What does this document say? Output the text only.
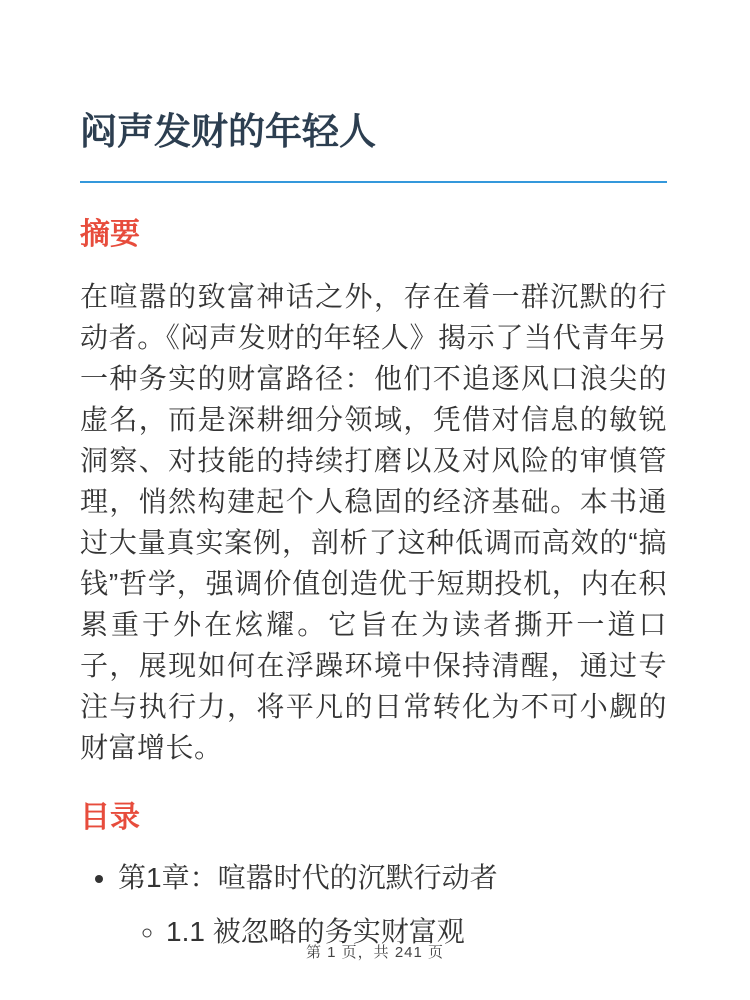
闷声发财的年轻人
摘要

在喧嚣的致富神话之外，存在着一群沉默的行动者。《闷声发财的年轻人》揭示了当代青年另一种务实的财富路径：他们不追逐风口浪尖的虚名，而是深耕细分领域，凭借对信息的敏锐洞察、对技能的持续打磨以及对风险的审慎管理，悄然构建起个人稳固的经济基础。本书通过大量真实案例，剖析了这种低调而高效的“搞钱”哲学，强调价值创造优于短期投机，内在积累重于外在炫耀。它旨在为读者撕开一道口子，展现如何在浮躁环境中保持清醒，通过专注与执行力，将平凡的日常转化为不可小觑的财富增长。

目录
• 第1章：喧嚣时代的沉默行动者
◦ 1.1 被忽略的务实财富观
第 1 页，共 241 页
